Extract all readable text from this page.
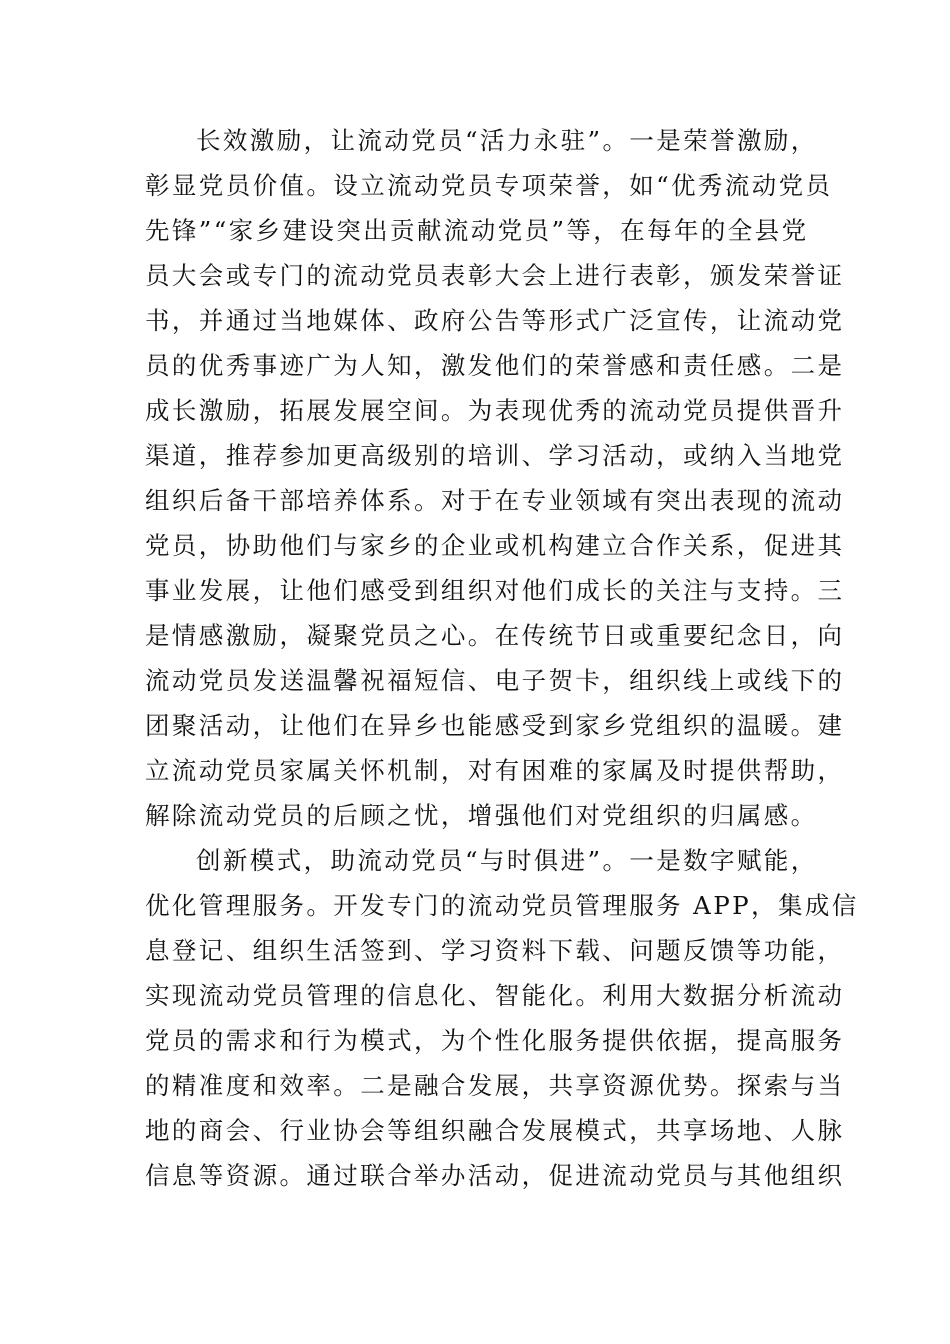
长效激励，让流动党员“活力永驻”。一是荣誉激励，
彰显党员价值。设立流动党员专项荣誉，如“优秀流动党员
先锋”“家乡建设突出贡献流动党员”等，在每年的全县党
员大会或专门的流动党员表彰大会上进行表彰，颁发荣誉证
书，并通过当地媒体、政府公告等形式广泛宣传，让流动党
员的优秀事迹广为人知，激发他们的荣誉感和责任感。二是
成长激励，拓展发展空间。为表现优秀的流动党员提供晋升
渠道，推荐参加更高级别的培训、学习活动，或纳入当地党
组织后备干部培养体系。对于在专业领域有突出表现的流动
党员，协助他们与家乡的企业或机构建立合作关系，促进其
事业发展，让他们感受到组织对他们成长的关注与支持。三
是情感激励，凝聚党员之心。在传统节日或重要纪念日，向
流动党员发送温馨祝福短信、电子贺卡，组织线上或线下的
团聚活动，让他们在异乡也能感受到家乡党组织的温暖。建
立流动党员家属关怀机制，对有困难的家属及时提供帮助，
解除流动党员的后顾之忧，增强他们对党组织的归属感。
创新模式，助流动党员“与时俱进”。一是数字赋能，
优化管理服务。开发专门的流动党员管理服务 APP，集成信
息登记、组织生活签到、学习资料下载、问题反馈等功能，
实现流动党员管理的信息化、智能化。利用大数据分析流动
党员的需求和行为模式，为个性化服务提供依据，提高服务
的精准度和效率。二是融合发展，共享资源优势。探索与当
地的商会、行业协会等组织融合发展模式，共享场地、人脉
信息等资源。通过联合举办活动，促进流动党员与其他组织
